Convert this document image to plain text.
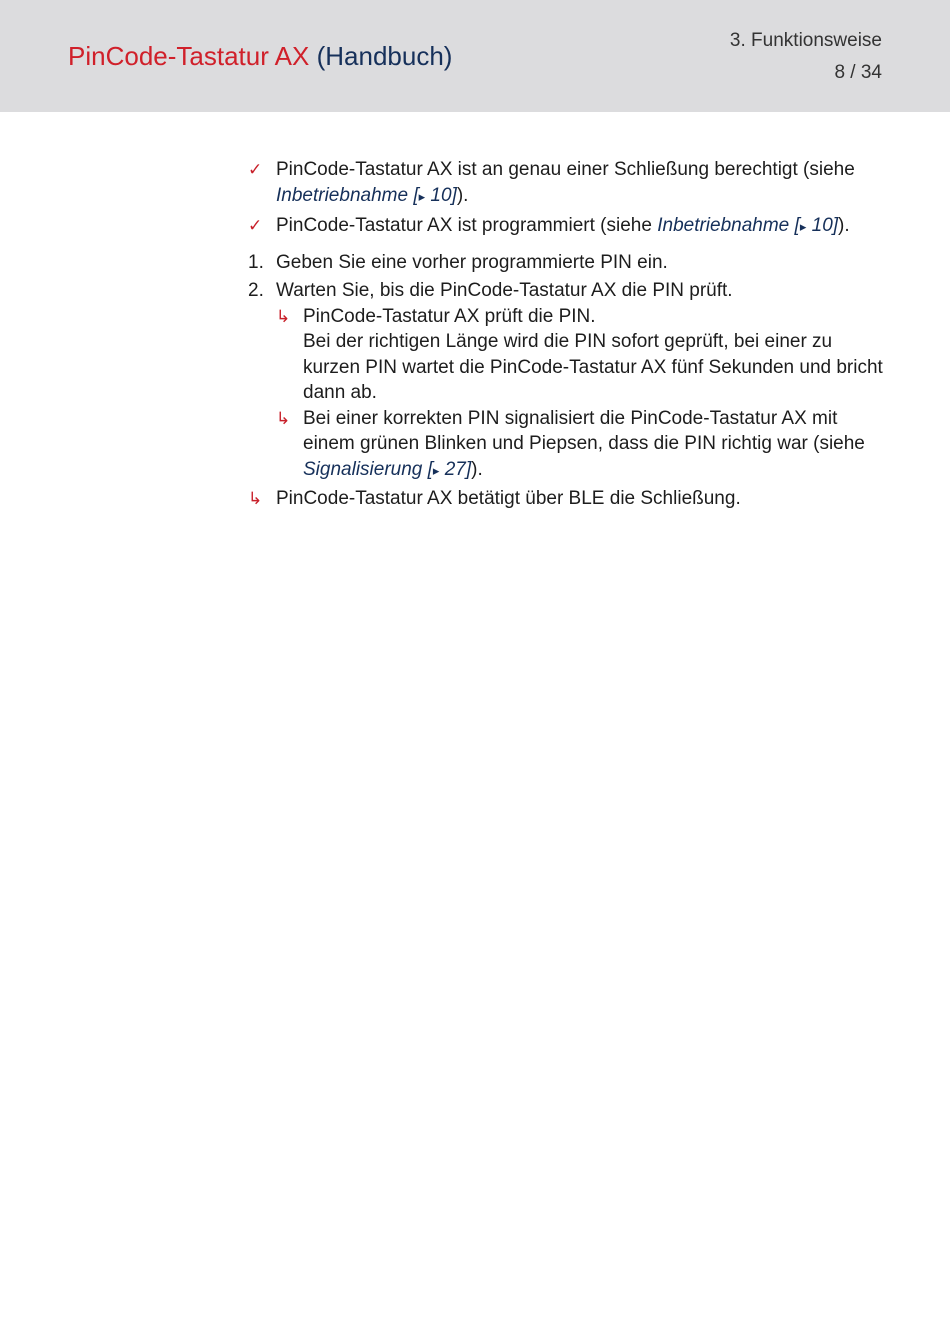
PinCode-Tastatur AX (Handbuch)
3. Funktionsweise
8 / 34
✓ PinCode-Tastatur AX ist an genau einer Schließung berechtigt (siehe Inbetriebnahme [▸ 10]).
✓ PinCode-Tastatur AX ist programmiert (siehe Inbetriebnahme [▸ 10]).
1. Geben Sie eine vorher programmierte PIN ein.
2. Warten Sie, bis die PinCode-Tastatur AX die PIN prüft.
↳ PinCode-Tastatur AX prüft die PIN.
Bei der richtigen Länge wird die PIN sofort geprüft, bei einer zu kurzen PIN wartet die PinCode-Tastatur AX fünf Sekunden und bricht dann ab.
↳ Bei einer korrekten PIN signalisiert die PinCode-Tastatur AX mit einem grünen Blinken und Piepsen, dass die PIN richtig war (siehe Signalisierung [▸ 27]).
↳ PinCode-Tastatur AX betätigt über BLE die Schließung.
